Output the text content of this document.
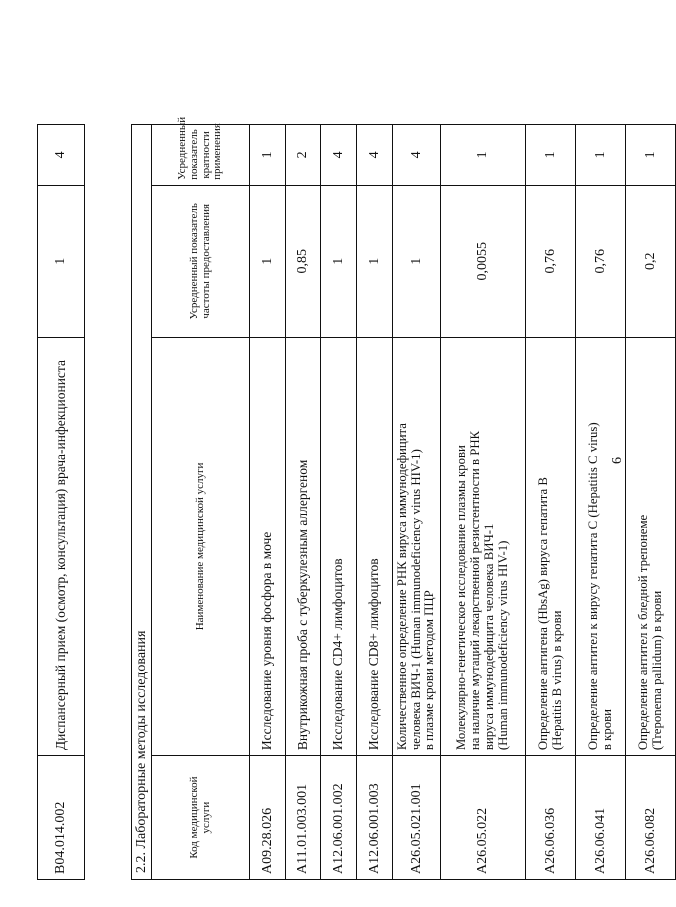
B04.014.002	Диспансерный прием (осмотр, консультация) врача-инфекциониста	1	4
2.2. Лабораторные методы исследования			
Код медицинской услуги	Наименование медицинской услуги	Усредненный показатель частоты предоставления	Усредненный показатель кратности применения
A09.28.026	Исследование уровня фосфора в моче	1	1
A11.01.003.001	Внутрикожная проба с туберкулезным аллергеном	0,85	2
A12.06.001.002	Исследование CD4+ лимфоцитов	1	4
A12.06.001.003	Исследование CD8+ лимфоцитов	1	4
A26.05.021.001	Количественное определение РНК вируса иммунодефицита человека ВИЧ-1 (Human immunodeficiency virus HIV-1) в плазме крови методом ПЦР	1	4
A26.05.022	Молекулярно-генетическое исследование плазмы крови на наличие мутаций лекарственной резистентности в РНК вируса иммунодефицита человека ВИЧ-1 (Human immunodeficiency virus HIV-1)	0,0055	1
A26.06.036	Определение антигена (HbsAg) вируса гепатита В (Hepatitis B virus) в крови	0,76	1
A26.06.041	Определение антител к вирусу гепатита С (Hepatitis C virus) в крови	0,76	1
A26.06.082	Определение антител к бледной трепонеме (Treponema pallidum) в крови	0,2	1
6
